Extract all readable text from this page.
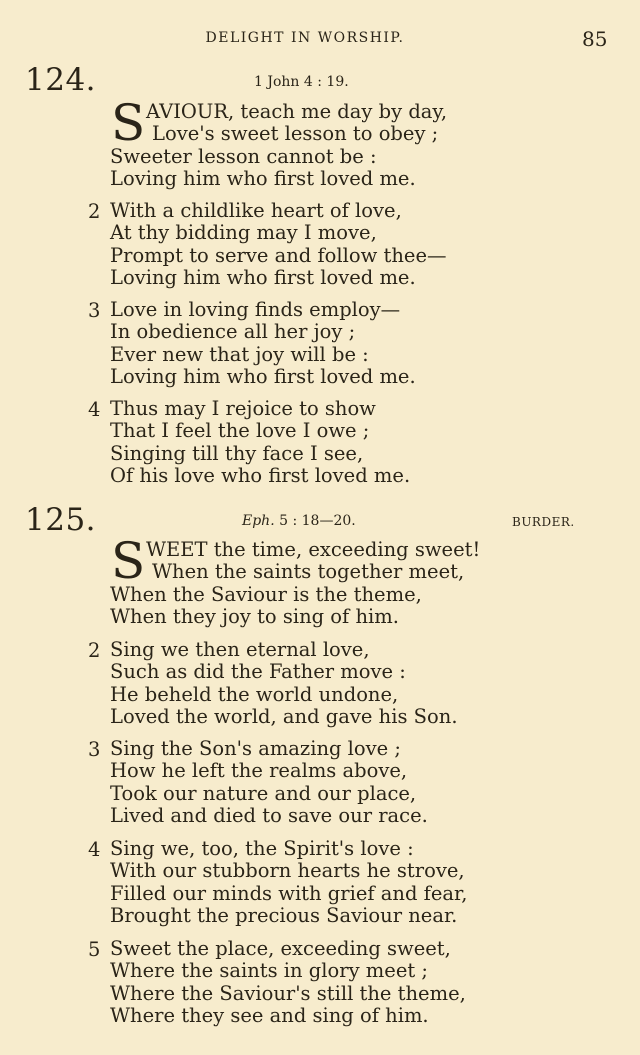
DELIGHT IN WORSHIP.	85
124.	1 John 4 : 19.
S AVIOUR, teach me day by day,
Love's sweet lesson to obey ;
Sweeter lesson cannot be :
Loving him who first loved me.
2 With a childlike heart of love,
At thy bidding may I move,
Prompt to serve and follow thee—
Loving him who first loved me.
3 Love in loving finds employ—
In obedience all her joy ;
Ever new that joy will be :
Loving him who first loved me.
4 Thus may I rejoice to show
That I feel the love I owe ;
Singing till thy face I see,
Of his love who first loved me.
125.	Eph. 5 : 18—20.	BURDER.
S WEET the time, exceeding sweet!
When the saints together meet,
When the Saviour is the theme,
When they joy to sing of him.
2 Sing we then eternal love,
Such as did the Father move :
He beheld the world undone,
Loved the world, and gave his Son.
3 Sing the Son's amazing love ;
How he left the realms above,
Took our nature and our place,
Lived and died to save our race.
4 Sing we, too, the Spirit's love :
With our stubborn hearts he strove,
Filled our minds with grief and fear,
Brought the precious Saviour near.
5 Sweet the place, exceeding sweet,
Where the saints in glory meet ;
Where the Saviour's still the theme,
Where they see and sing of him.
